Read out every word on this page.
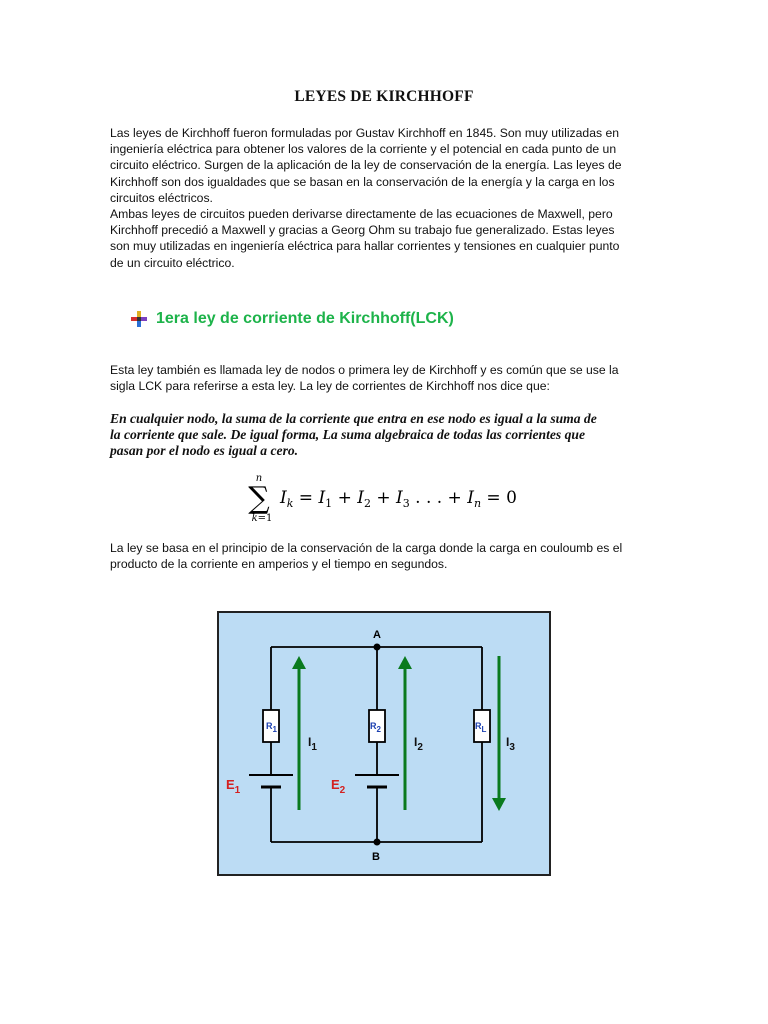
LEYES DE KIRCHHOFF
Las leyes de Kirchhoff fueron formuladas por Gustav Kirchhoff en 1845. Son muy utilizadas en
ingeniería eléctrica para obtener los valores de la corriente y el potencial en cada punto de un
circuito eléctrico. Surgen de la aplicación de la ley de conservación de la energía. Las leyes de
Kirchhoff son dos igualdades que se basan en la conservación de la energía y la carga en los
circuitos eléctricos.
Ambas leyes de circuitos pueden derivarse directamente de las ecuaciones de Maxwell, pero
Kirchhoff precedió a Maxwell y gracias a Georg Ohm su trabajo fue generalizado. Estas leyes
son muy utilizadas en ingeniería eléctrica para hallar corrientes y tensiones en cualquier punto
de un circuito eléctrico.
1era ley de corriente de Kirchhoff(LCK)
Esta ley también es llamada ley de nodos o primera ley de Kirchhoff y es común que se use la
sigla LCK para referirse a esta ley. La ley de corrientes de Kirchhoff nos dice que:
En cualquier nodo, la suma de la corriente que entra en ese nodo es igual a la suma de
la corriente que sale. De igual forma, La suma algebraica de todas las corrientes que
pasan por el nodo es igual a cero.
n
∑
k=1
$I_k = I_1 + I_2 + I_3$ . . . + $I_n = 0$
La ley se basa en el principio de la conservación de la carga donde la carga en couloumb es el
producto de la corriente en amperios y el tiempo en segundos.
A
B
R1	R2	RL
$E_1$	$E_2$
$I_1$	$I_2$	$I_3$
